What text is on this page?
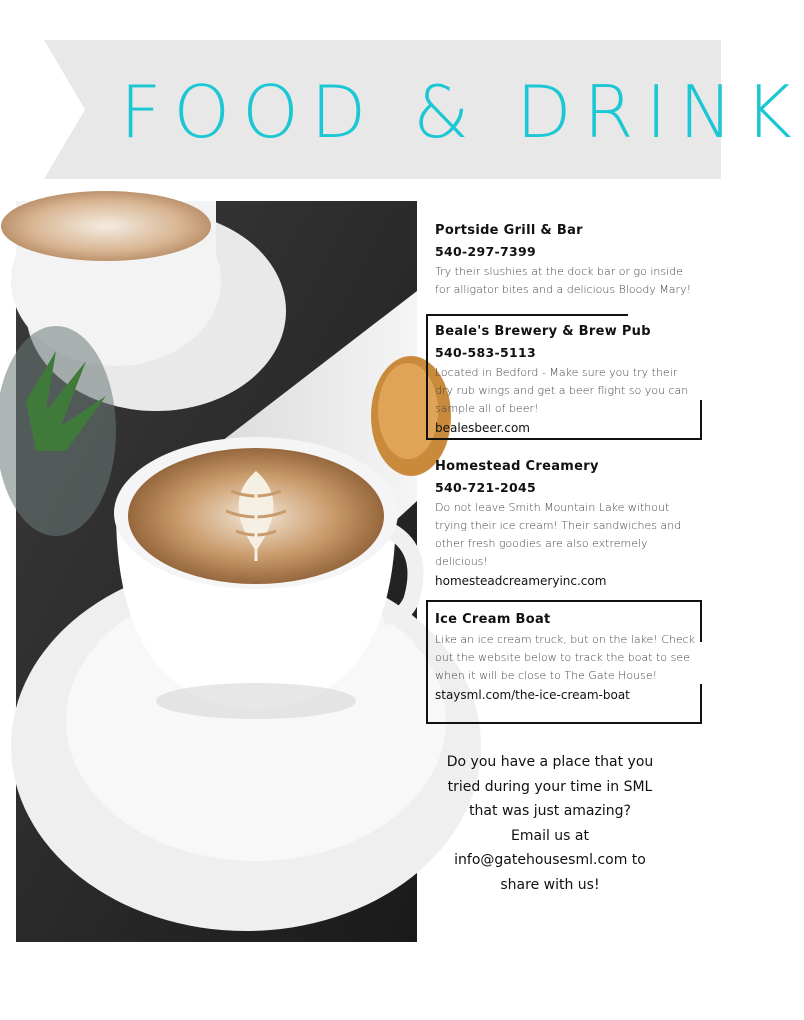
FOOD & DRINK
Portside Grill & Bar
540-297-7399
Try their slushies at the dock bar or go inside for alligator bites and a delicious Bloody Mary!
Beale's Brewery & Brew Pub
540-583-5113
Located in Bedford - Make sure you try their dry rub wings and get a beer flight so you can sample all of beer!
bealesbeer.com
Homestead Creamery
540-721-2045
Do not leave Smith Mountain Lake without trying their ice cream! Their sandwiches and other fresh goodies are also extremely delicious!
homesteadcreameryinc.com
Ice Cream Boat
Like an ice cream truck, but on the lake! Check out the website below to track the boat to see when it will be close to The Gate House!
staysml.com/the-ice-cream-boat
Do you have a place that you
tried during your time in SML
that was just amazing?
Email us at
info@gatehousesml.com to
share with us!
